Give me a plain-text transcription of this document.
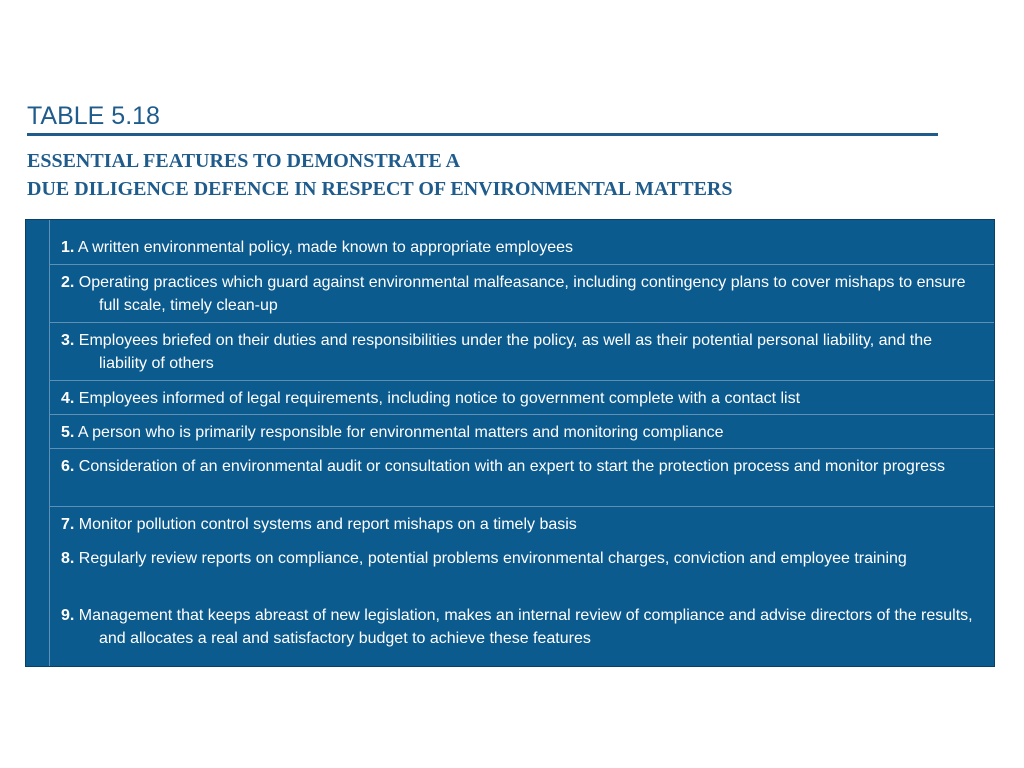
TABLE 5.18
ESSENTIAL FEATURES TO DEMONSTRATE A
DUE DILIGENCE DEFENCE IN RESPECT OF ENVIRONMENTAL MATTERS
1. A written environmental policy, made known to appropriate employees
2. Operating practices which guard against environmental malfeasance, including contingency plans to cover mishaps to ensure full scale, timely clean-up
3. Employees briefed on their duties and responsibilities under the policy, as well as their potential personal liability, and the liability of others
4. Employees informed of legal requirements, including notice to government complete with a contact list
5. A person who is primarily responsible for environmental matters and monitoring compliance
6. Consideration of an environmental audit or consultation with an expert to start the protection process and monitor progress
7. Monitor pollution control systems and report mishaps on a timely basis
8. Regularly review reports on compliance, potential problems environmental charges, conviction and employee training
9. Management that keeps abreast of new legislation, makes an internal review of compliance and advise directors of the results, and allocates a real and satisfactory budget to achieve these features
